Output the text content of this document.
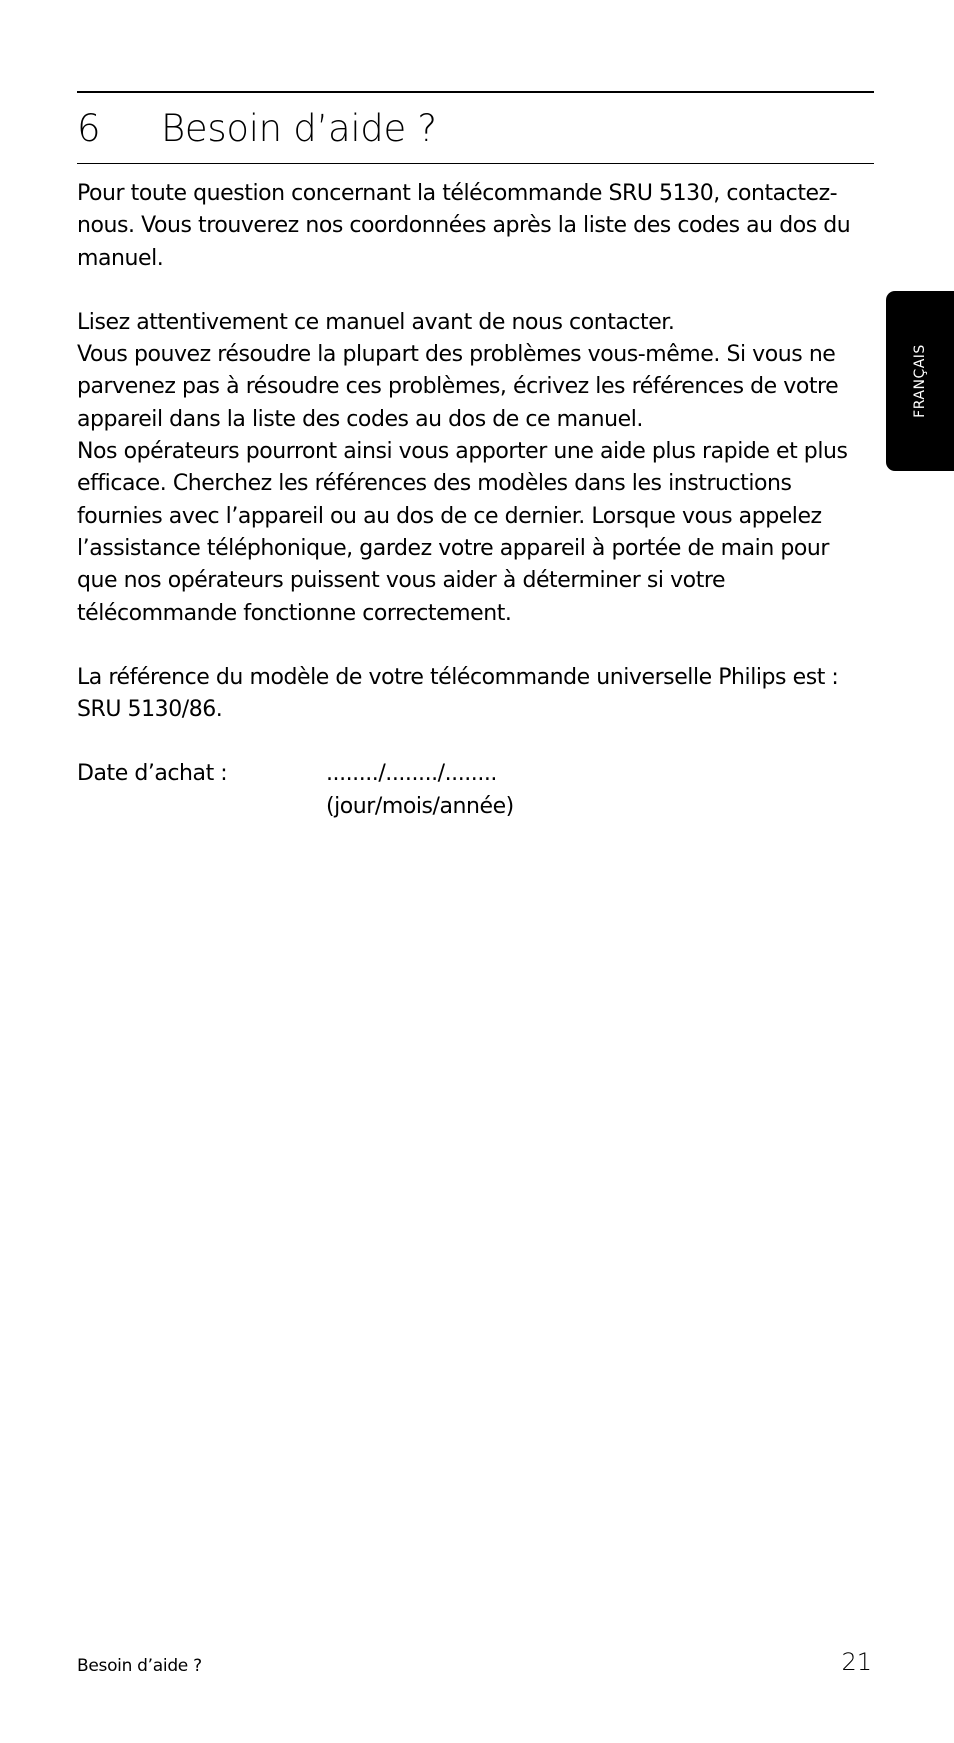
6	Besoin d’aide ?

Pour toute question concernant la télécommande SRU 5130, contactez-
nous. Vous trouverez nos coordonnées après la liste des codes au dos du
manuel.

Lisez attentivement ce manuel avant de nous contacter.
Vous pouvez résoudre la plupart des problèmes vous-même. Si vous ne
parvenez pas à résoudre ces problèmes, écrivez les références de votre
appareil dans la liste des codes au dos de ce manuel.
Nos opérateurs pourront ainsi vous apporter une aide plus rapide et plus
efficace. Cherchez les références des modèles dans les instructions
fournies avec l’appareil ou au dos de ce dernier. Lorsque vous appelez
l’assistance téléphonique, gardez votre appareil à portée de main pour
que nos opérateurs puissent vous aider à déterminer si votre
télécommande fonctionne correctement.

La référence du modèle de votre télécommande universelle Philips est :
SRU 5130/86.

Date d’achat :	......../......../........
(jour/mois/année)
FRANÇAIS
Besoin d’aide ?	21
